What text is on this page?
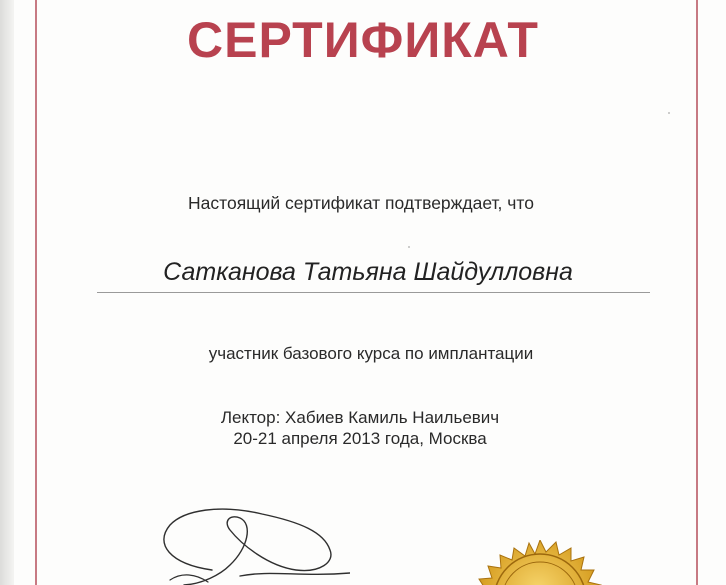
СЕРТИФИКАТ
Настоящий сертификат подтверждает, что
Саткaнова Татьяна Шайдулловна
участник базового курса по имплантации
Лектор: Хабиев Камиль Наильевич
20-21 апреля 2013 года, Москва
